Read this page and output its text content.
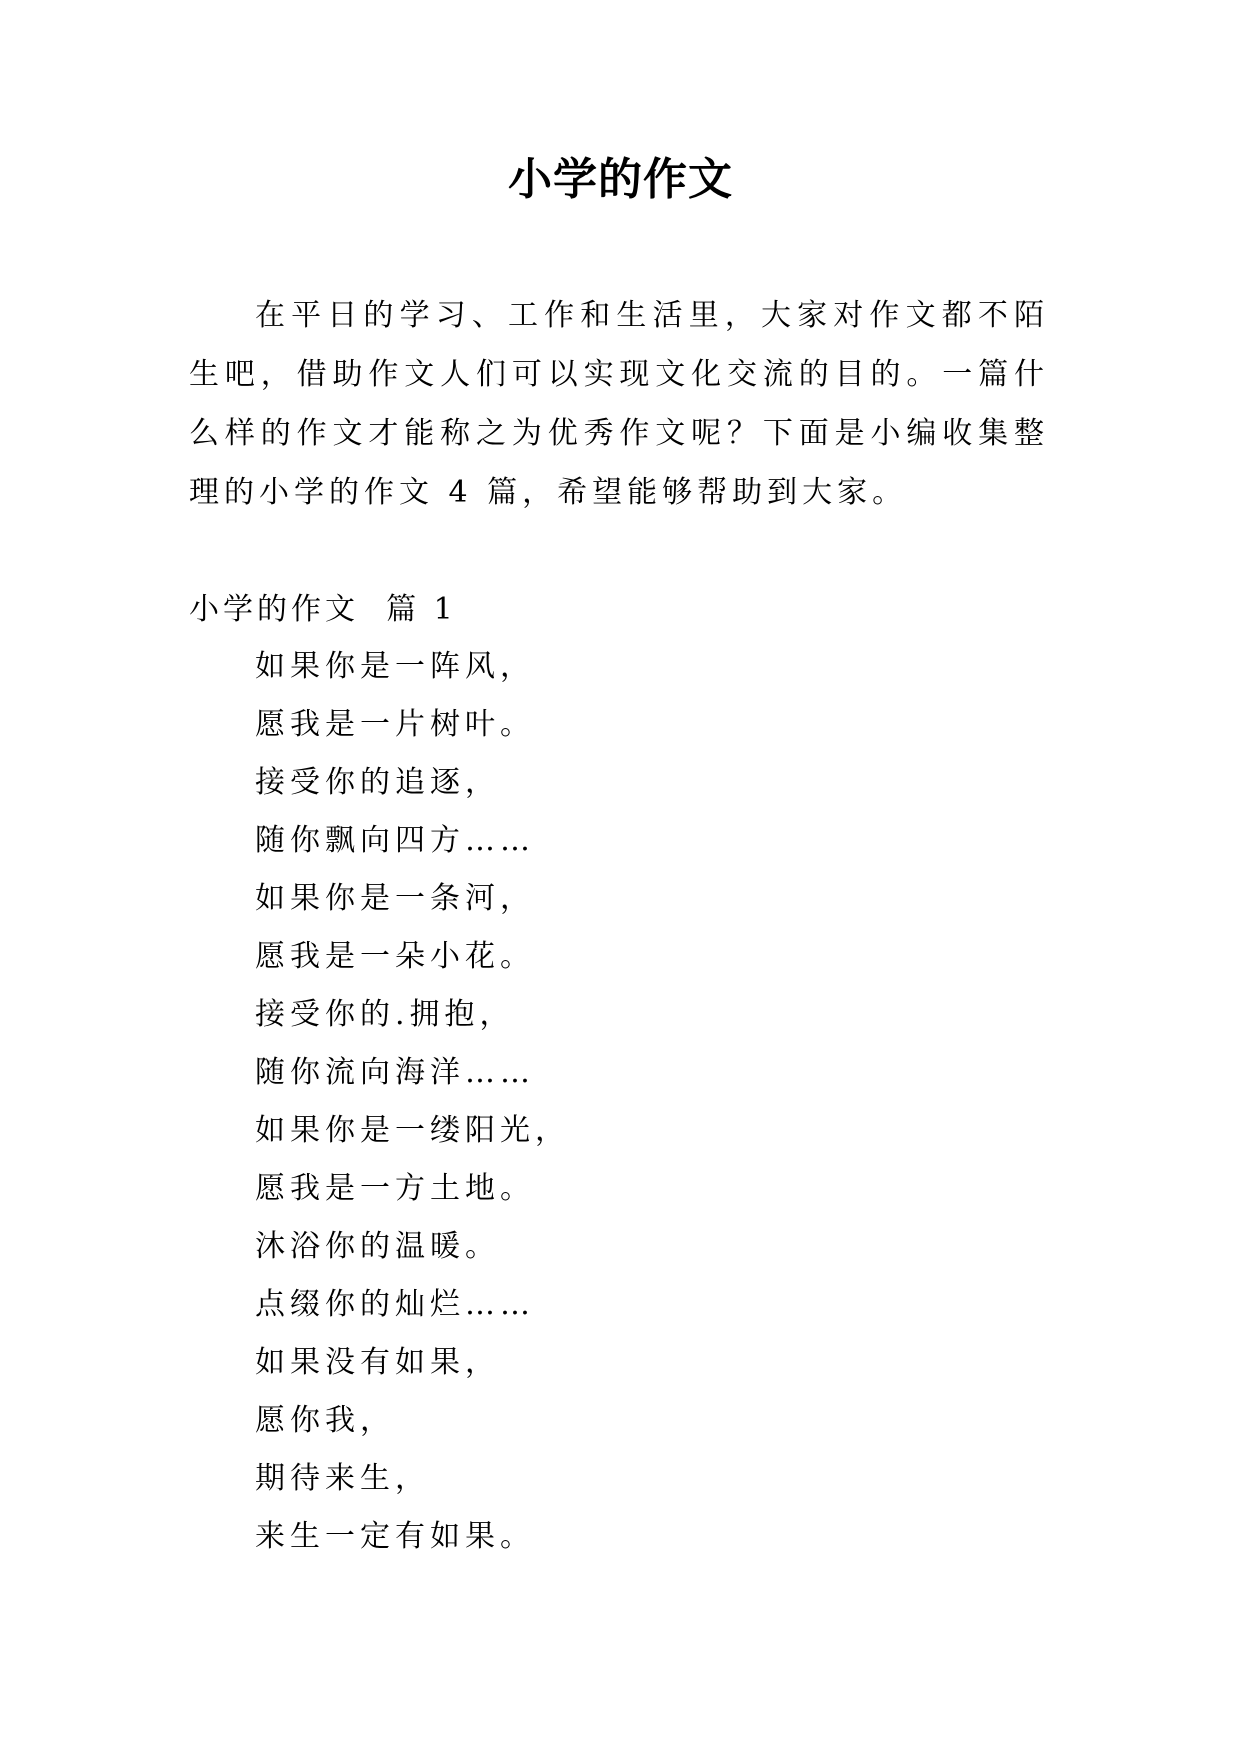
小学的作文

在平日的学习、工作和生活里，大家对作文都不陌生吧，借助作文人们可以实现文化交流的目的。一篇什么样的作文才能称之为优秀作文呢？下面是小编收集整理的小学的作文 4 篇，希望能够帮助到大家。

小学的作文  篇 1
如果你是一阵风，
愿我是一片树叶。
接受你的追逐，
随你飘向四方……
如果你是一条河，
愿我是一朵小花。
接受你的.拥抱，
随你流向海洋……
如果你是一缕阳光，
愿我是一方土地。
沐浴你的温暖。
点缀你的灿烂……
如果没有如果，
愿你我，
期待来生，
来生一定有如果。
